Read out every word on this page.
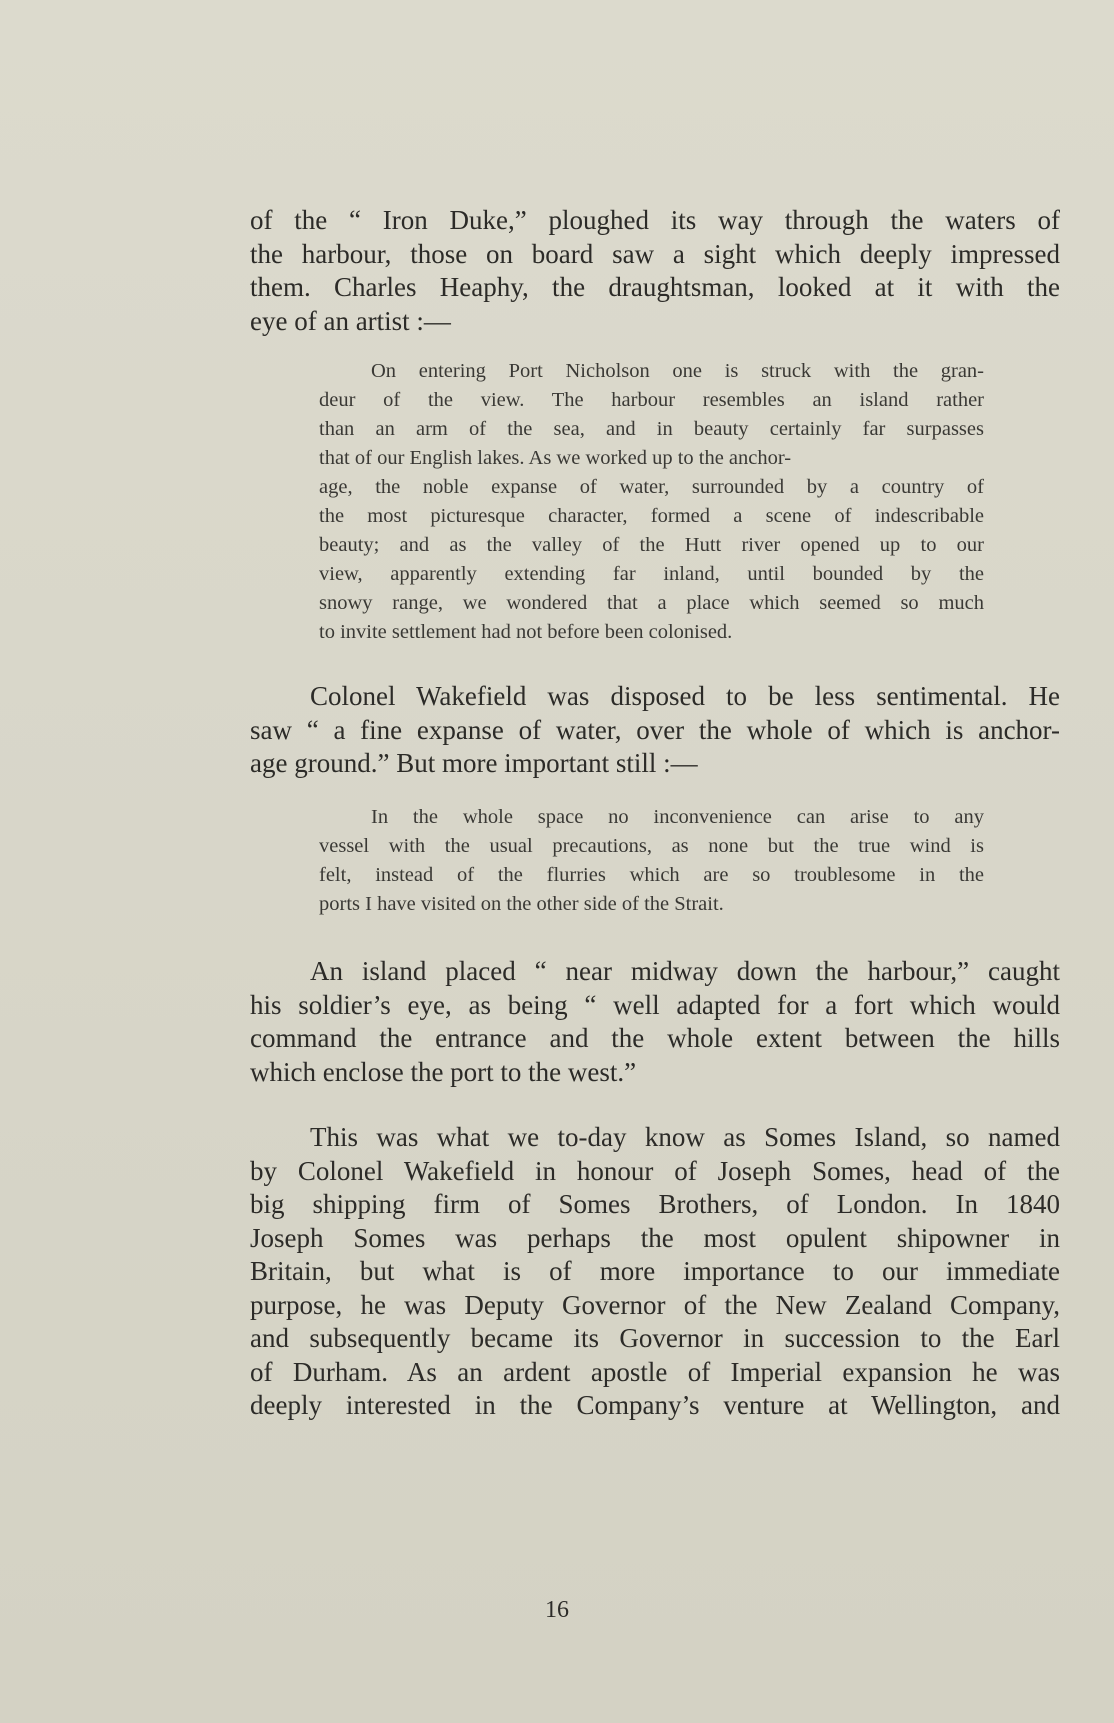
of the “ Iron Duke,” ploughed its way through the waters of
the harbour, those on board saw a sight which deeply impressed
them. Charles Heaphy, the draughtsman, looked at it with the
eye of an artist :—
On entering Port Nicholson one is struck with the gran-
deur of the view. The harbour resembles an island rather
than an arm of the sea, and in beauty certainly far surpasses
that of our English lakes. As we worked up to the anchor-
age, the noble expanse of water, surrounded by a country of
the most picturesque character, formed a scene of indescribable
beauty; and as the valley of the Hutt river opened up to our
view, apparently extending far inland, until bounded by the
snowy range, we wondered that a place which seemed so much
to invite settlement had not before been colonised.
Colonel Wakefield was disposed to be less sentimental. He
saw “ a fine expanse of water, over the whole of which is anchor-
age ground.” But more important still :—
In the whole space no inconvenience can arise to any
vessel with the usual precautions, as none but the true wind is
felt, instead of the flurries which are so troublesome in the
ports I have visited on the other side of the Strait.
An island placed “ near midway down the harbour,” caught
his soldier’s eye, as being “ well adapted for a fort which would
command the entrance and the whole extent between the hills
which enclose the port to the west.”
This was what we to-day know as Somes Island, so named
by Colonel Wakefield in honour of Joseph Somes, head of the
big shipping firm of Somes Brothers, of London. In 1840
Joseph Somes was perhaps the most opulent shipowner in
Britain, but what is of more importance to our immediate
purpose, he was Deputy Governor of the New Zealand Company,
and subsequently became its Governor in succession to the Earl
of Durham. As an ardent apostle of Imperial expansion he was
deeply interested in the Company’s venture at Wellington, and
16
